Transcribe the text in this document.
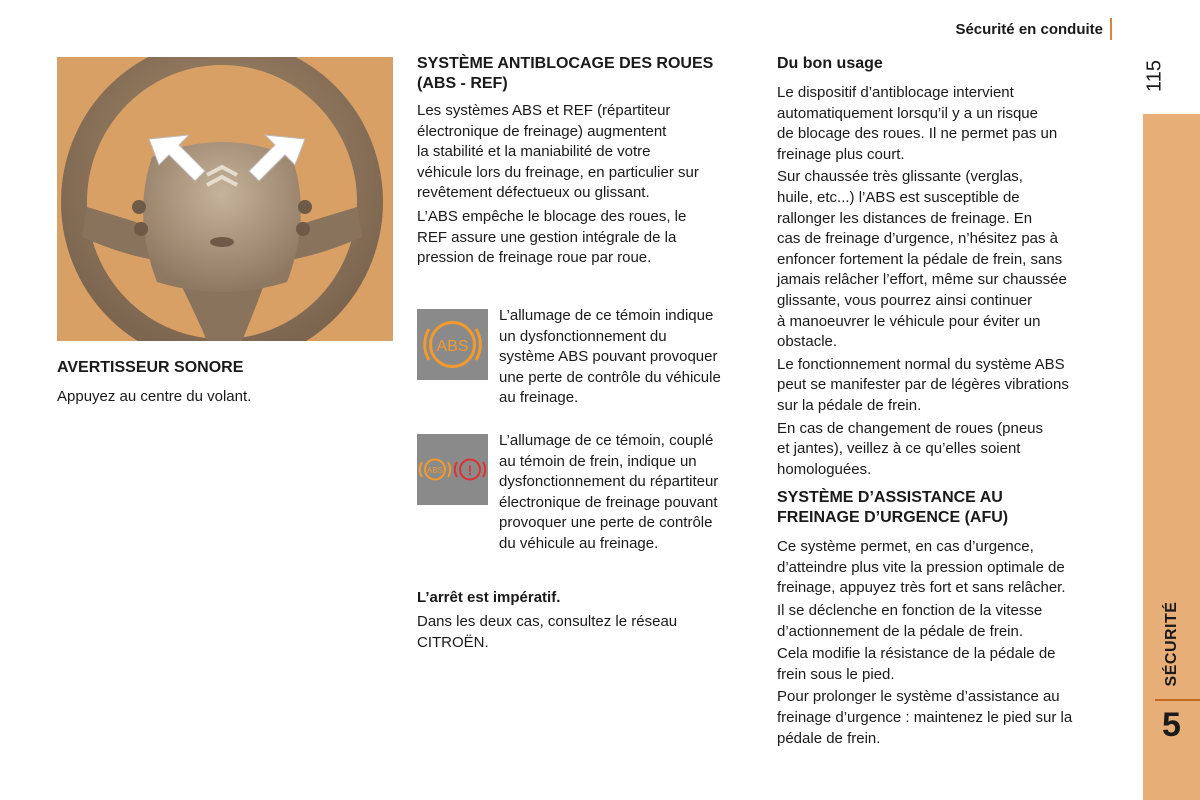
Sécurité en conduite
115
SÉCURITÉ
5
AVERTISSEUR SONORE

Appuyez au centre du volant.

SYSTÈME ANTIBLOCAGE DES ROUES
(ABS - REF)

Les systèmes ABS et REF (répartiteur
électronique de freinage) augmentent
la stabilité et la maniabilité de votre
véhicule lors du freinage, en particulier sur
revêtement défectueux ou glissant.

L’ABS empêche le blocage des roues, le
REF assure une gestion intégrale de la
pression de freinage roue par roue.

ABS

L’allumage de ce témoin indique
un dysfonctionnement du
système ABS pouvant provoquer
une perte de contrôle du véhicule
au freinage.

ABS !

L’allumage de ce témoin, couplé
au témoin de frein, indique un
dysfonctionnement du répartiteur
électronique de freinage pouvant
provoquer une perte de contrôle
du véhicule au freinage.

L’arrêt est impératif.

Dans les deux cas, consultez le réseau
CITROËN.

Du bon usage

Le dispositif d’antiblocage intervient
automatiquement lorsqu’il y a un risque
de blocage des roues. Il ne permet pas un
freinage plus court.

Sur chaussée très glissante (verglas,
huile, etc...) l’ABS est susceptible de
rallonger les distances de freinage. En
cas de freinage d’urgence, n’hésitez pas à
enfoncer fortement la pédale de frein, sans
jamais relâcher l’effort, même sur chaussée
glissante, vous pourrez ainsi continuer
à manoeuvrer le véhicule pour éviter un
obstacle.

Le fonctionnement normal du système ABS
peut se manifester par de légères vibrations
sur la pédale de frein.

En cas de changement de roues (pneus
et jantes), veillez à ce qu’elles soient
homologuées.

SYSTÈME D’ASSISTANCE AU
FREINAGE D’URGENCE (AFU)

Ce système permet, en cas d’urgence,
d’atteindre plus vite la pression optimale de
freinage, appuyez très fort et sans relâcher.

Il se déclenche en fonction de la vitesse
d’actionnement de la pédale de frein.

Cela modifie la résistance de la pédale de
frein sous le pied.

Pour prolonger le système d’assistance au
freinage d’urgence : maintenez le pied sur la
pédale de frein.
